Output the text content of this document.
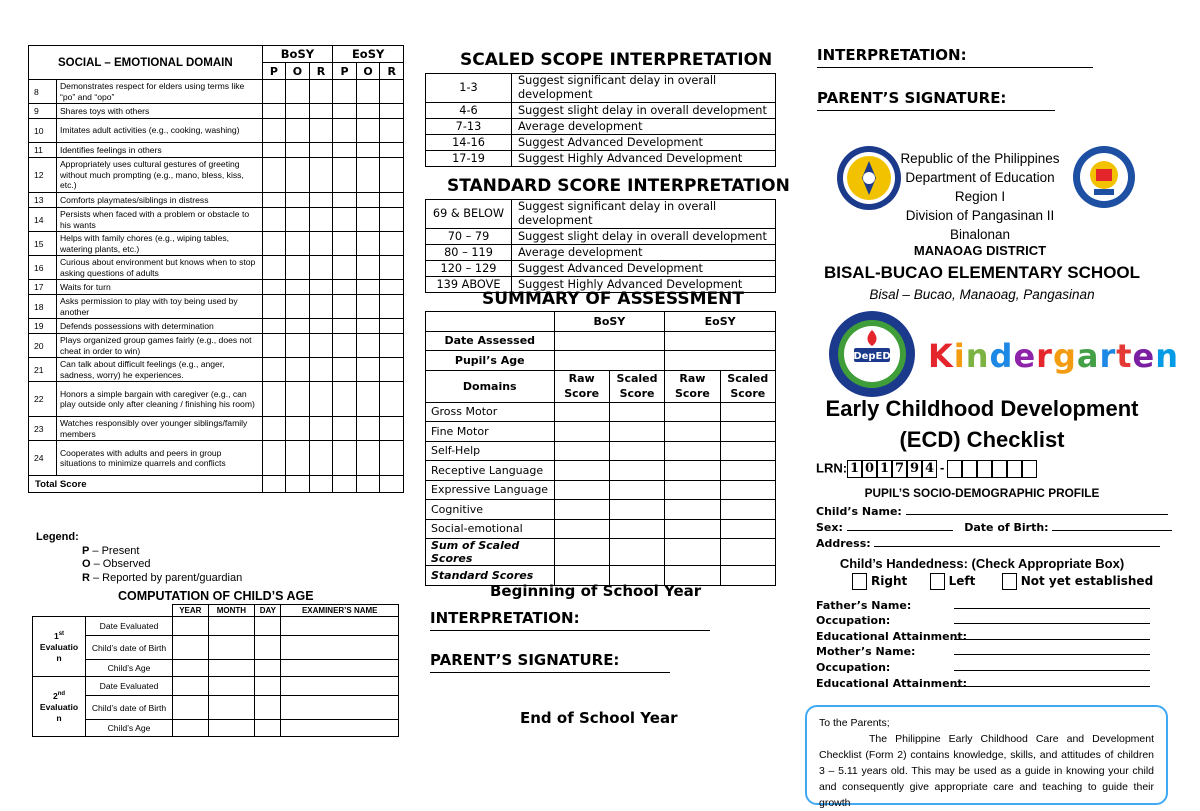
SOCIAL – EMOTIONAL DOMAIN		BoSY			EoSY		
		P	O	R	P	O	R
8	Demonstrates respect for elders using terms like “po” and “opo”						
9	Shares toys with others						
10	Imitates adult activities (e.g., cooking, washing)						
11	Identifies feelings in others						
12	Appropriately uses cultural gestures of greeting without much prompting (e.g., mano, bless, kiss, etc.)						
13	Comforts playmates/siblings in distress						
14	Persists when faced with a problem or obstacle to his wants						
15	Helps with family chores (e.g., wiping tables, watering plants, etc.)						
16	Curious about environment but knows when to stop asking questions of adults						
17	Waits for turn						
18	Asks permission to play with toy being used by another						
19	Defends possessions with determination						
20	Plays organized group games fairly (e.g., does not cheat in order to win)						
21	Can talk about difficult feelings (e.g., anger, sadness, worry) he experiences.						
22	Honors a simple bargain with caregiver (e.g., can play outside only after cleaning / finishing his room)						
23	Watches responsibly over younger siblings/family members						
24	Cooperates with adults and peers in group situations to minimize quarrels and conflicts						
Total Score							
Legend:
P – Present
O – Observed
R – Reported by parent/guardian
COMPUTATION OF CHILD’S AGE
		YEAR	MONTH	DAY	EXAMINER’S NAME
1st
Evaluatio
n	Date Evaluated				
	Child’s date of Birth				
	Child’s Age				
2nd
Evaluatio
n	Date Evaluated				
	Child’s date of Birth				
	Child’s Age				
SCALED SCOPE INTERPRETATION
1-3	Suggest significant delay in overall development
4-6	Suggest slight delay in overall development
7-13	Average development
14-16	Suggest Advanced Development
17-19	Suggest Highly Advanced Development
STANDARD SCORE INTERPRETATION
69 & BELOW	Suggest significant delay in overall development
70 – 79	Suggest slight delay in overall development
80 – 119	Average development
120 – 129	Suggest Advanced Development
139 ABOVE	Suggest Highly Advanced Development
SUMMARY OF ASSESSMENT
	BoSY		EoSY	
Date Assessed				
Pupil’s Age				
Domains	Raw Score	Scaled Score	Raw Score	Scaled Score
Gross Motor				
Fine Motor				
Self-Help				
Receptive Language				
Expressive Language				
Cognitive				
Social-emotional				
Sum of Scaled Scores				
Standard Scores				
Beginning of School Year
INTERPRETATION:
PARENT’S SIGNATURE:
End of School Year
INTERPRETATION:
PARENT’S SIGNATURE:
Republic of the Philippines
Department of Education
Region I
Division of Pangasinan II
Binalonan
MANAOAG DISTRICT
BISAL-BUCAO ELEMENTARY SCHOOL
Bisal – Bucao, Manaoag, Pangasinan
DepED Kindergarten
Early Childhood Development
(ECD) Checklist
LRN: 1 0 1 7 9 4 -
PUPIL’S SOCIO-DEMOGRAPHIC PROFILE
Child’s Name:
Sex:	Date of Birth:
Address:
Child’s Handedness: (Check Appropriate Box)
Right	Left	Not yet established
Father’s Name:
Occupation:
Educational Attainment:
Mother’s Name:
Occupation:
Educational Attainment:
To the Parents;
The Philippine Early Childhood Care and Development Checklist (Form 2) contains knowledge, skills, and attitudes of children 3 – 5.11 years old. This may be used as a guide in knowing your child and consequently give appropriate care and teaching to guide their growth
